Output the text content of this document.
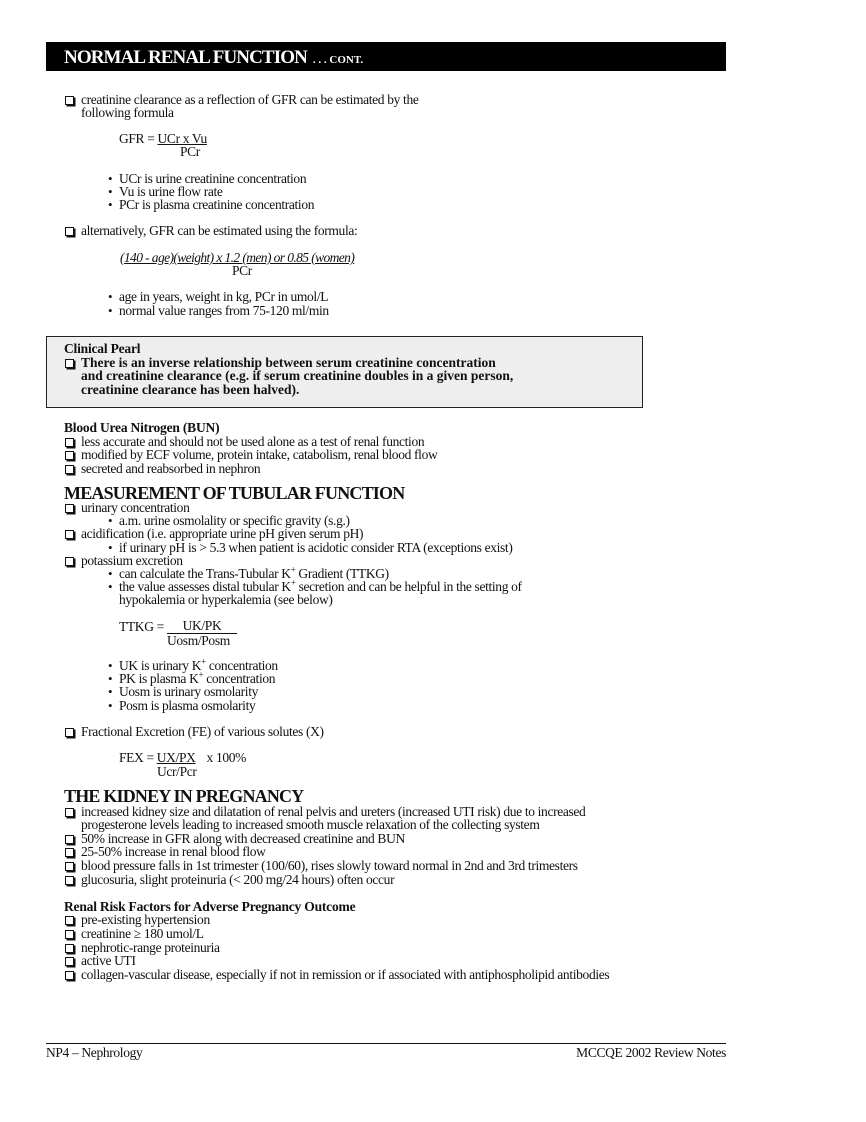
NORMAL RENAL FUNCTION . . . CONT.
creatinine clearance as a reflection of GFR can be estimated by the
following formula
GFR = UCr x Vu
PCr
• UCr is urine creatinine concentration
• Vu is urine flow rate
• PCr is plasma creatinine concentration
alternatively, GFR can be estimated using the formula:
(140 - age)(weight) x 1.2 (men) or 0.85 (women)
PCr
• age in years, weight in kg, PCr in umol/L
• normal value ranges from 75-120 ml/min
Clinical Pearl
There is an inverse relationship between serum creatinine concentration
and creatinine clearance (e.g. if serum creatinine doubles in a given person,
creatinine clearance has been halved).
Blood Urea Nitrogen (BUN)
less accurate and should not be used alone as a test of renal function
modified by ECF volume, protein intake, catabolism, renal blood flow
secreted and reabsorbed in nephron
MEASUREMENT OF TUBULAR FUNCTION
urinary concentration
• a.m. urine osmolality or specific gravity (s.g.)
acidification (i.e. appropriate urine pH given serum pH)
• if urinary pH is > 5.3 when patient is acidotic consider RTA (exceptions exist)
potassium excretion
• can calculate the Trans-Tubular K+ Gradient (TTKG)
• the value assesses distal tubular K+ secretion and can be helpful in the setting of
hypokalemia or hyperkalemia (see below)
TTKG =	UK/PK
Uosm/Posm
• UK is urinary K+ concentration
• PK is plasma K+ concentration
• Uosm is urinary osmolarity
• Posm is plasma osmolarity
Fractional Excretion (FE) of various solutes (X)
FEX = UX/PX x 100%
Ucr/Pcr
THE KIDNEY IN PREGNANCY
increased kidney size and dilatation of renal pelvis and ureters (increased UTI risk) due to increased
progesterone levels leading to increased smooth muscle relaxation of the collecting system
50% increase in GFR along with decreased creatinine and BUN
25-50% increase in renal blood flow
blood pressure falls in 1st trimester (100/60), rises slowly toward normal in 2nd and 3rd trimesters
glucosuria, slight proteinuria (< 200 mg/24 hours) often occur
Renal Risk Factors for Adverse Pregnancy Outcome
pre-existing hypertension
creatinine ≥ 180 umol/L
nephrotic-range proteinuria
active UTI
collagen-vascular disease, especially if not in remission or if associated with antiphospholipid antibodies
NP4 – Nephrology	MCCQE 2002 Review Notes
